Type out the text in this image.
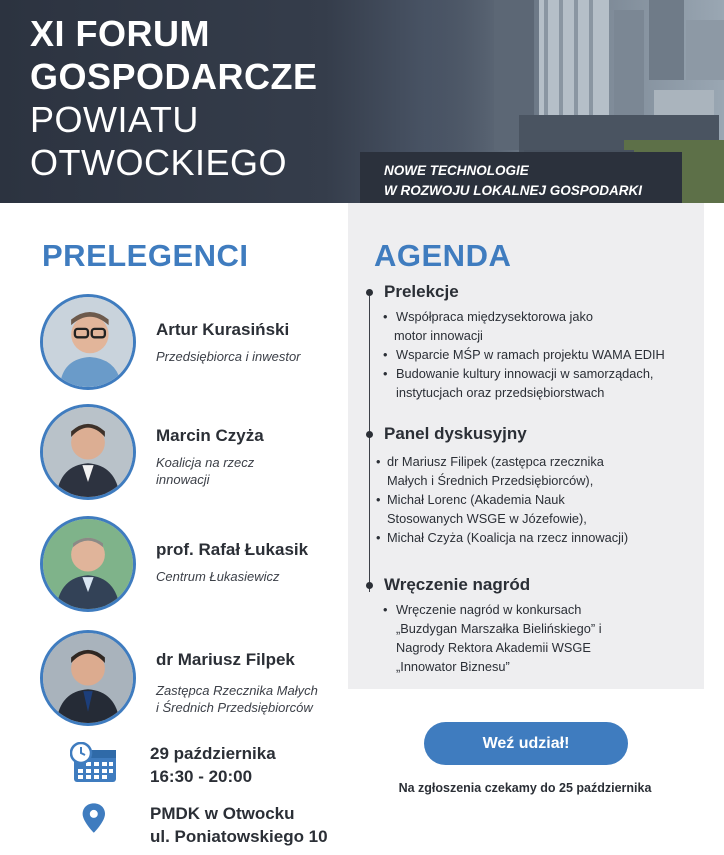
XI FORUM
GOSPODARCZE
POWIATU
OTWOCKIEGO	NOWE TECHNOLOGIE
W ROZWOJU LOKALNEJ GOSPODARKI
PRELEGENCI
Artur Kurasiński
Przedsiębiorca i inwestor
Marcin Czyża
Koalicja na rzecz
innowacji
prof. Rafał Łukasik
Centrum Łukasiewicz
dr Mariusz Filpek
Zastępca Rzecznika Małych
i Średnich Przedsiębiorców
29 października
16:30 - 20:00
PMDK w Otwocku
ul. Poniatowskiego 10
AGENDA
Prelekcje
• Współpraca międzysektorowa jako
motor innowacji
• Wsparcie MŚP w ramach projektu WAMA EDIH
• Budowanie kultury innowacji w samorządach,
instytucjach oraz przedsiębiorstwach
Panel dyskusyjny
• dr Mariusz Filipek (zastępca rzecznika
Małych i Średnich Przedsiębiorców),
• Michał Lorenc (Akademia Nauk
Stosowanych WSGE w Józefowie),
• Michał Czyża (Koalicja na rzecz innowacji)
Wręczenie nagród
• Wręczenie nagród w konkursach
„Buzdygan Marszałka Bielińskiego” i
Nagrody Rektora Akademii WSGE
„Innowator Biznesu”
Weź udział!
Na zgłoszenia czekamy do 25 października
